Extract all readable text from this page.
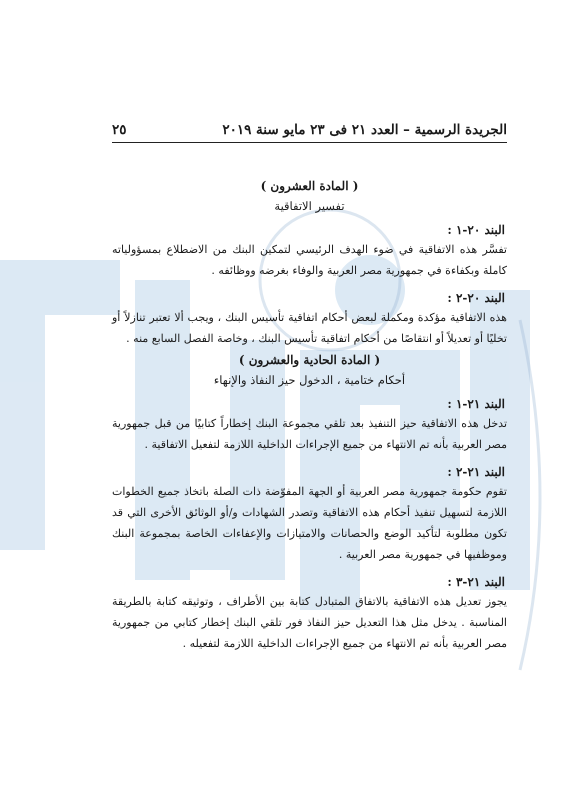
الجريدة الرسمية – العدد ٢١ فى ٢٣ مايو سنة ٢٠١٩
٢٥
( المادة العشرون )
تفسير الاتفاقية
البند ٢٠-١ :

تفسَّر هذه الاتفاقية في ضوء الهدف الرئيسي لتمكين البنك من الاضطلاع بمسؤولياته كاملة وبكفاءة في جمهورية مصر العربية والوفاء بغرضه ووظائفه .

البند ٢٠-٢ :

هذه الاتفاقية مؤكدة ومكملة لبعض أحكام اتفاقية تأسيس البنك ، ويجب ألا تعتبر تنازلاً أو تخليًا أو تعديلاً أو انتقاصًا من أحكام اتفاقية تأسيس البنك ، وخاصة الفصل السابع منه .

( المادة الحادية والعشرون )
أحكام ختامية ، الدخول حيز النفاذ والإنهاء
البند ٢١-١ :

تدخل هذه الاتفاقية حيز التنفيذ بعد تلقي مجموعة البنك إخطاراً كتابيًا من قبل جمهورية مصر العربية بأنه تم الانتهاء من جميع الإجراءات الداخلية اللازمة لتفعيل الاتفاقية .

البند ٢١-٢ :

تقوم حكومة جمهورية مصر العربية أو الجهة المفوّضة ذات الصلة باتخاذ جميع الخطوات اللازمة لتسهيل تنفيذ أحكام هذه الاتفاقية وتصدر الشهادات و/أو الوثائق الأخرى التي قد تكون مطلوبة لتأكيد الوضع والحصانات والامتيازات والإعفاءات الخاصة بمجموعة البنك وموظفيها في جمهورية مصر العربية .

البند ٢١-٣ :

يجوز تعديل هذه الاتفاقية بالاتفاق المتبادل كتابة بين الأطراف ، وتوثيقه كتابة بالطريقة المناسبة . يدخل مثل هذا التعديل حيز النفاذ فور تلقي البنك إخطار كتابي من جمهورية مصر العربية بأنه تم الانتهاء من جميع الإجراءات الداخلية اللازمة لتفعيله .
